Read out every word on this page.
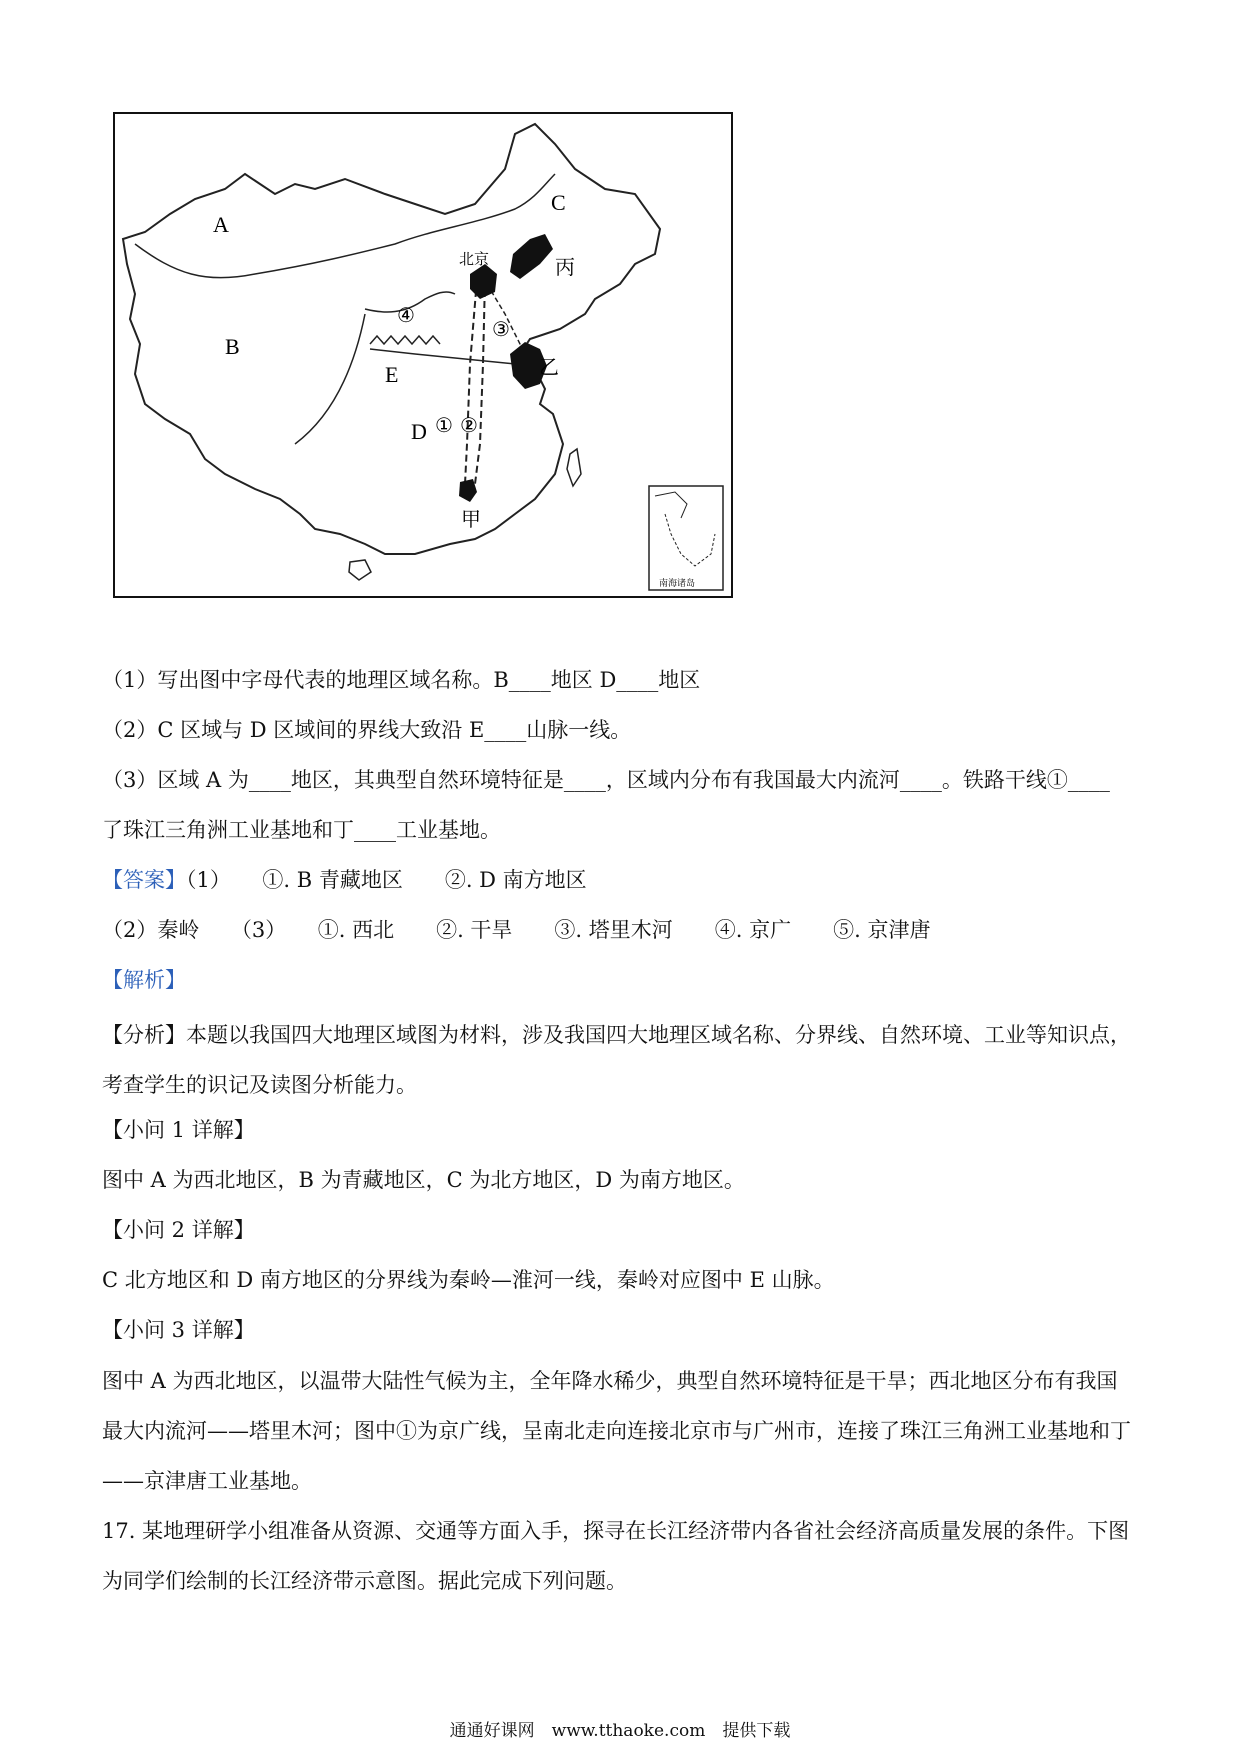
A
B
C
D
E
北京
甲
乙
丙
① ②
③
④
南海诸岛
（1）写出图中字母代表的地理区域名称。B____地区 D____地区
（2）C 区域与 D 区域间的界线大致沿 E____山脉一线。
（3）区域 A 为____地区，其典型自然环境特征是____，区域内分布有我国最大内流河____。铁路干线①____
了珠江三角洲工业基地和丁____工业基地。
【答案】（1）　　①. B 青藏地区　　②. D 南方地区
（2）秦岭　　（3）　　①. 西北　　②. 干旱　　③. 塔里木河　　④. 京广　　⑤. 京津唐
【解析】
【分析】本题以我国四大地理区域图为材料，涉及我国四大地理区域名称、分界线、自然环境、工业等知识点，考查学生的识记及读图分析能力。
【小问 1 详解】
图中 A 为西北地区，B 为青藏地区，C 为北方地区，D 为南方地区。
【小问 2 详解】
C 北方地区和 D 南方地区的分界线为秦岭—淮河一线，秦岭对应图中 E 山脉。
【小问 3 详解】
图中 A 为西北地区，以温带大陆性气候为主，全年降水稀少，典型自然环境特征是干旱；西北地区分布有我国最大内流河——塔里木河；图中①为京广线，呈南北走向连接北京市与广州市，连接了珠江三角洲工业基地和丁——京津唐工业基地。
17. 某地理研学小组准备从资源、交通等方面入手，探寻在长江经济带内各省社会经济高质量发展的条件。下图为同学们绘制的长江经济带示意图。据此完成下列问题。
通通好课网　www.tthaoke.com　提供下载
